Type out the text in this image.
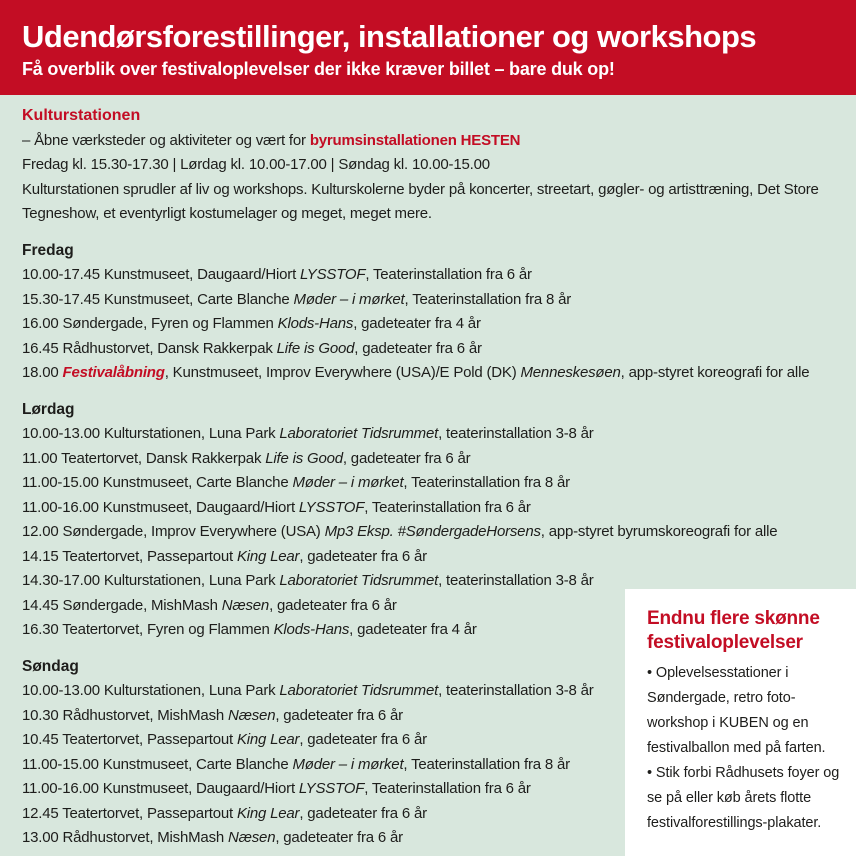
Udendørsforestillinger, installationer og workshops
Få overblik over festivaloplevelser der ikke kræver billet – bare duk op!
Kulturstationen
– Åbne værksteder og aktiviteter og vært for byrumsinstallationen HESTEN
Fredag kl. 15.30-17.30 | Lørdag kl. 10.00-17.00 | Søndag kl. 10.00-15.00
Kulturstationen sprudler af liv og workshops. Kulturskolerne byder på koncerter, streetart, gøgler- og artisttræning, Det Store Tegneshow, et eventyrligt kostumelager og meget, meget mere.
Fredag
10.00-17.45 Kunstmuseet, Daugaard/Hiort LYSSTOF, Teaterinstallation fra 6 år
15.30-17.45 Kunstmuseet, Carte Blanche Møder – i mørket, Teaterinstallation fra 8 år
16.00 Søndergade, Fyren og Flammen Klods-Hans, gadeteater fra 4 år
16.45 Rådhustorvet, Dansk Rakkerpak Life is Good, gadeteater fra 6 år
18.00 Festivalåbning, Kunstmuseet, Improv Everywhere (USA)/E Pold (DK) Menneskesøen, app-styret koreografi for alle
Lørdag
10.00-13.00 Kulturstationen, Luna Park Laboratoriet Tidsrummet, teaterinstallation 3-8 år
11.00 Teatertorvet, Dansk Rakkerpak Life is Good, gadeteater fra 6 år
11.00-15.00 Kunstmuseet, Carte Blanche Møder – i mørket, Teaterinstallation fra 8 år
11.00-16.00 Kunstmuseet, Daugaard/Hiort LYSSTOF, Teaterinstallation fra 6 år
12.00 Søndergade, Improv Everywhere (USA) Mp3 Eksp. #SøndergadeHorsens, app-styret byrumskoreografi for alle
14.15 Teatertorvet, Passepartout King Lear, gadeteater fra 6 år
14.30-17.00 Kulturstationen, Luna Park Laboratoriet Tidsrummet, teaterinstallation 3-8 år
14.45 Søndergade, MishMash Næsen, gadeteater fra 6 år
16.30 Teatertorvet, Fyren og Flammen Klods-Hans, gadeteater fra 4 år
Søndag
10.00-13.00 Kulturstationen, Luna Park Laboratoriet Tidsrummet, teaterinstallation 3-8 år
10.30 Rådhustorvet, MishMash Næsen, gadeteater fra 6 år
10.45 Teatertorvet, Passepartout King Lear, gadeteater fra 6 år
11.00-15.00 Kunstmuseet, Carte Blanche Møder – i mørket, Teaterinstallation fra 8 år
11.00-16.00 Kunstmuseet, Daugaard/Hiort LYSSTOF, Teaterinstallation fra 6 år
12.45 Teatertorvet, Passepartout King Lear, gadeteater fra 6 år
13.00 Rådhustorvet, MishMash Næsen, gadeteater fra 6 år
Endnu flere skønne festivaloplevelser
• Oplevelsesstationer i Søndergade, retro foto-workshop i KUBEN og en festivalballon med på farten.
• Stik forbi Rådhusets foyer og se på eller køb årets flotte festivalforestillings-plakater.
